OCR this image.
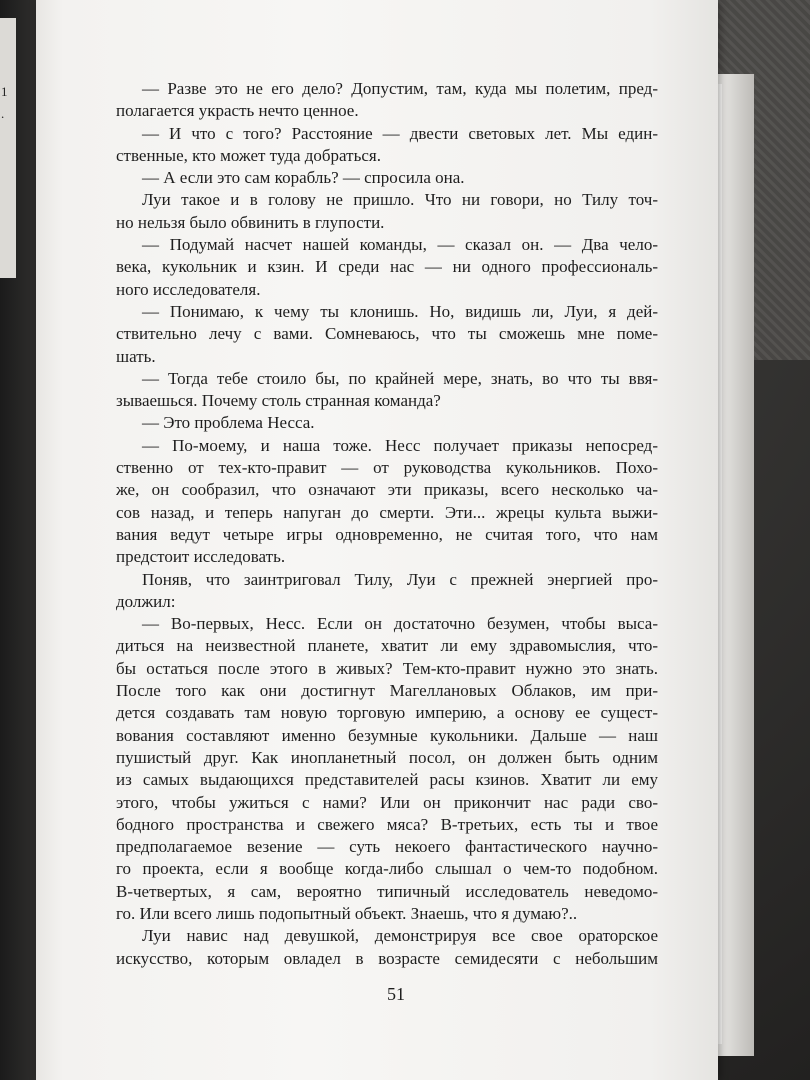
1
.
— Разве это не его дело? Допустим, там, куда мы полетим, пред-
полагается украсть нечто ценное.
— И что с того? Расстояние — двести световых лет. Мы един-
ственные, кто может туда добраться.
— А если это сам корабль? — спросила она.
Луи такое и в голову не пришло. Что ни говори, но Тилу точ-
но нельзя было обвинить в глупости.
— Подумай насчет нашей команды, — сказал он. — Два чело-
века, кукольник и кзин. И среди нас — ни одного профессиональ-
ного исследователя.
— Понимаю, к чему ты клонишь. Но, видишь ли, Луи, я дей-
ствительно лечу с вами. Сомневаюсь, что ты сможешь мне поме-
шать.
— Тогда тебе стоило бы, по крайней мере, знать, во что ты ввя-
зываешься. Почему столь странная команда?
— Это проблема Несса.
— По-моему, и наша тоже. Несс получает приказы непосред-
ственно от тех-кто-правит — от руководства кукольников. Похо-
же, он сообразил, что означают эти приказы, всего несколько ча-
сов назад, и теперь напуган до смерти. Эти... жрецы культа выжи-
вания ведут четыре игры одновременно, не считая того, что нам
предстоит исследовать.
Поняв, что заинтриговал Тилу, Луи с прежней энергией про-
должил:
— Во-первых, Несс. Если он достаточно безумен, чтобы выса-
диться на неизвестной планете, хватит ли ему здравомыслия, что-
бы остаться после этого в живых? Тем-кто-правит нужно это знать.
После того как они достигнут Магеллановых Облаков, им при-
дется создавать там новую торговую империю, а основу ее сущест-
вования составляют именно безумные кукольники. Дальше — наш
пушистый друг. Как инопланетный посол, он должен быть одним
из самых выдающихся представителей расы кзинов. Хватит ли ему
этого, чтобы ужиться с нами? Или он прикончит нас ради сво-
бодного пространства и свежего мяса? В-третьих, есть ты и твое
предполагаемое везение — суть некоего фантастического научно-
го проекта, если я вообще когда-либо слышал о чем-то подобном.
В-четвертых, я сам, вероятно типичный исследователь неведомо-
го. Или всего лишь подопытный объект. Знаешь, что я думаю?..
Луи навис над девушкой, демонстрируя все свое ораторское
искусство, которым овладел в возрасте семидесяти с небольшим
51
